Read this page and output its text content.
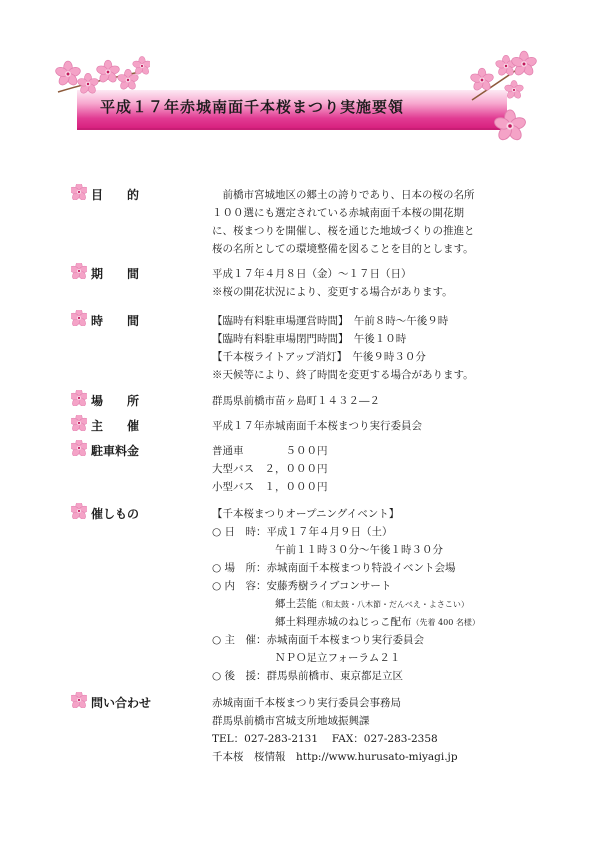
平成１７年赤城南面千本桜まつり実施要領
目　　的	　前橋市宮城地区の郷土の誇りであり、日本の桜の名所
１００選にも選定されている赤城南面千本桜の開花期
に、桜まつりを開催し、桜を通じた地域づくりの推進と
桜の名所としての環境整備を図ることを目的とします。
期　　間	平成１７年４月８日（金）～１７日（日）
※桜の開花状況により、変更する場合があります。
時　　間	【臨時有料駐車場運営時間】　午前８時～午後９時
【臨時有料駐車場閉門時間】　午後１０時
【千本桜ライトアップ消灯】　午後９時３０分
※天候等により、終了時間を変更する場合があります。
場　　所	群馬県前橋市苗ヶ島町１４３２―２
主　　催	平成１７年赤城南面千本桜まつり実行委員会
駐車料金	普通車　　　　５００円
大型バス　２，０００円
小型バス　１，０００円
催しもの	【千本桜まつりオープニングイベント】
○ 日　時：平成１７年４月９日（土）
　　　　　　午前１１時３０分～午後１時３０分
○ 場　所：赤城南面千本桜まつり特設イベント会場
○ 内　容：安藤秀樹ライブコンサート
　　　　　　郷土芸能（和太鼓・八木節・だんべえ・よさこい）
　　　　　　郷土料理赤城のねじっこ配布（先着 400 名様）
○ 主　催：赤城南面千本桜まつり実行委員会
　　　　　　ＮＰＯ足立フォーラム２１
○ 後　援：群馬県前橋市、東京都足立区
問い合わせ	赤城南面千本桜まつり実行委員会事務局
群馬県前橋市宮城支所地域振興課
TEL：027-283-2131　 FAX：027-283-2358
千本桜　桜情報　http://www.hurusato-miyagi.jp
